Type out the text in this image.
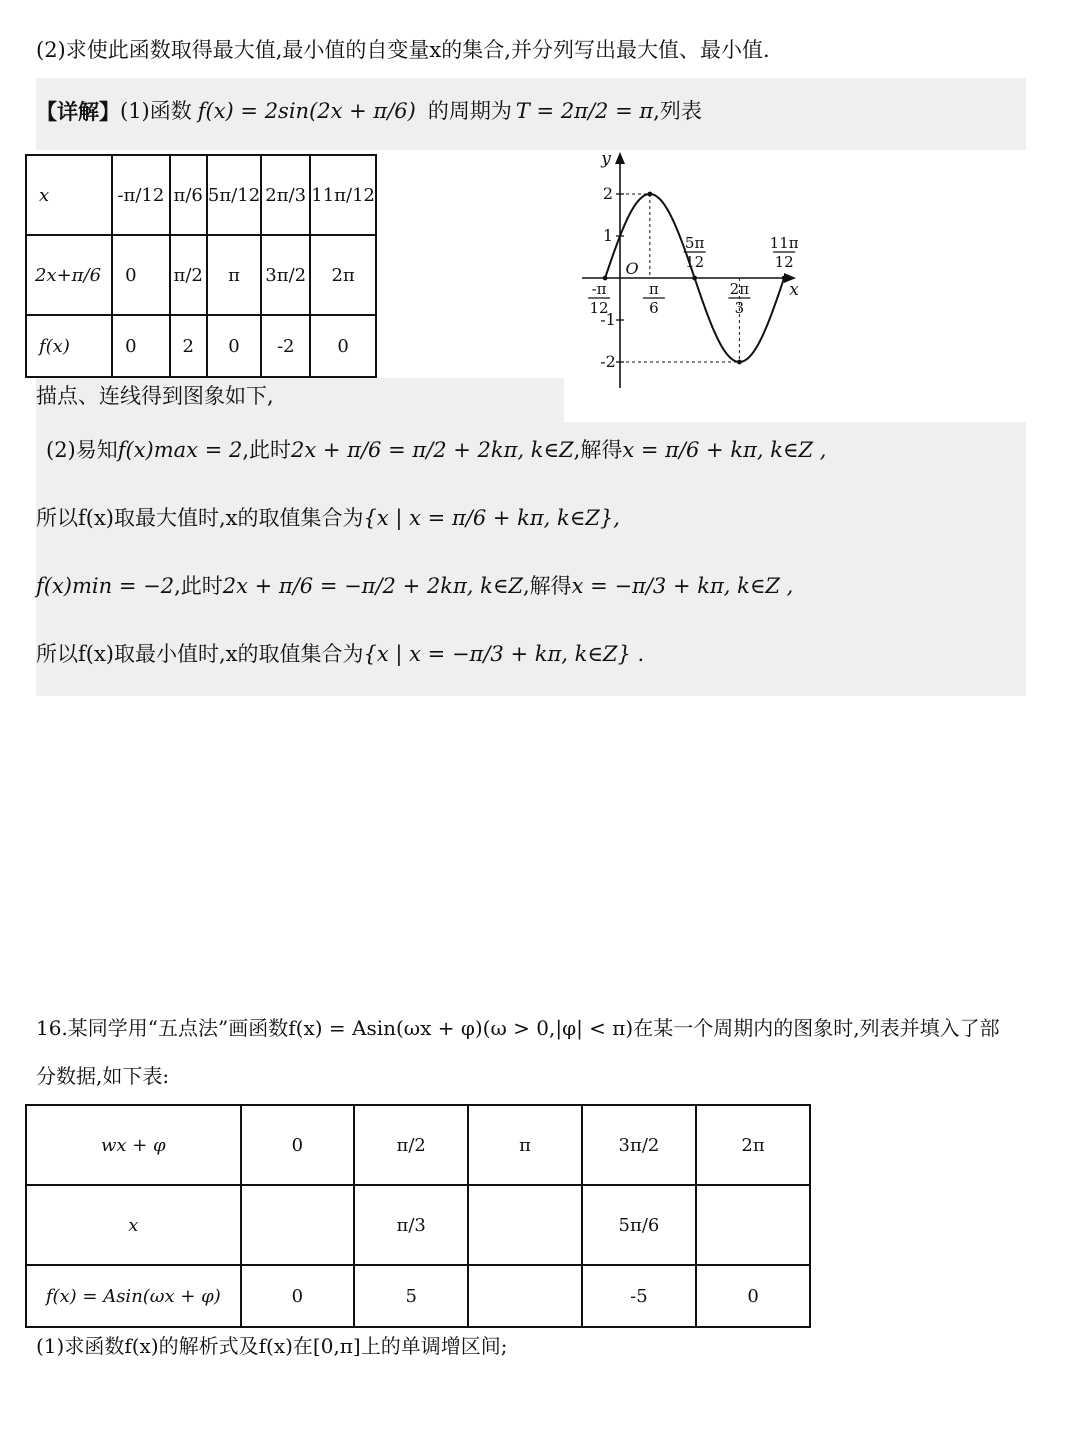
(2)求使此函数取得最大值,最小值的自变量x的集合,并分列写出最大值、最小值.
【详解】 (1)函数 f(x) = 2sin(2x + π/6) 的周期为 T = 2π/2 = π ,列表
x	-π/12	π/6	5π/12	2π/3	11π/12
2x+π/6	0	π/2	π	3π/2	2π
f(x)	0	2	0	-2	0
描点、连线得到图象如下,
x
y
O
2
1
-1
-2
-π
12
π
6
5π
12
2π
3
11π
12
(2)易知f(x)max = 2,此时2x + π/6 = π/2 + 2kπ, k∈Z,解得x = π/6 + kπ, k∈Z ,
所以f(x)取最大值时,x的取值集合为{x | x = π/6 + kπ, k∈Z},
f(x)min = −2,此时2x + π/6 = −π/2 + 2kπ, k∈Z,解得x = −π/3 + kπ, k∈Z ,
所以f(x)取最小值时,x的取值集合为{x | x = −π/3 + kπ, k∈Z} .
16.某同学用“五点法”画函数f(x) = Asin(ωx + φ)(ω > 0,|φ| < π)在某一个周期内的图象时,列表并填入了部
分数据,如下表:
wx + φ	0	π/2	π	3π/2	2π
x		π/3		5π/6	
f(x) = Asin(ωx + φ)	0	5		-5	0
(1)求函数f(x)的解析式及f(x)在[0,π]上的单调增区间;
